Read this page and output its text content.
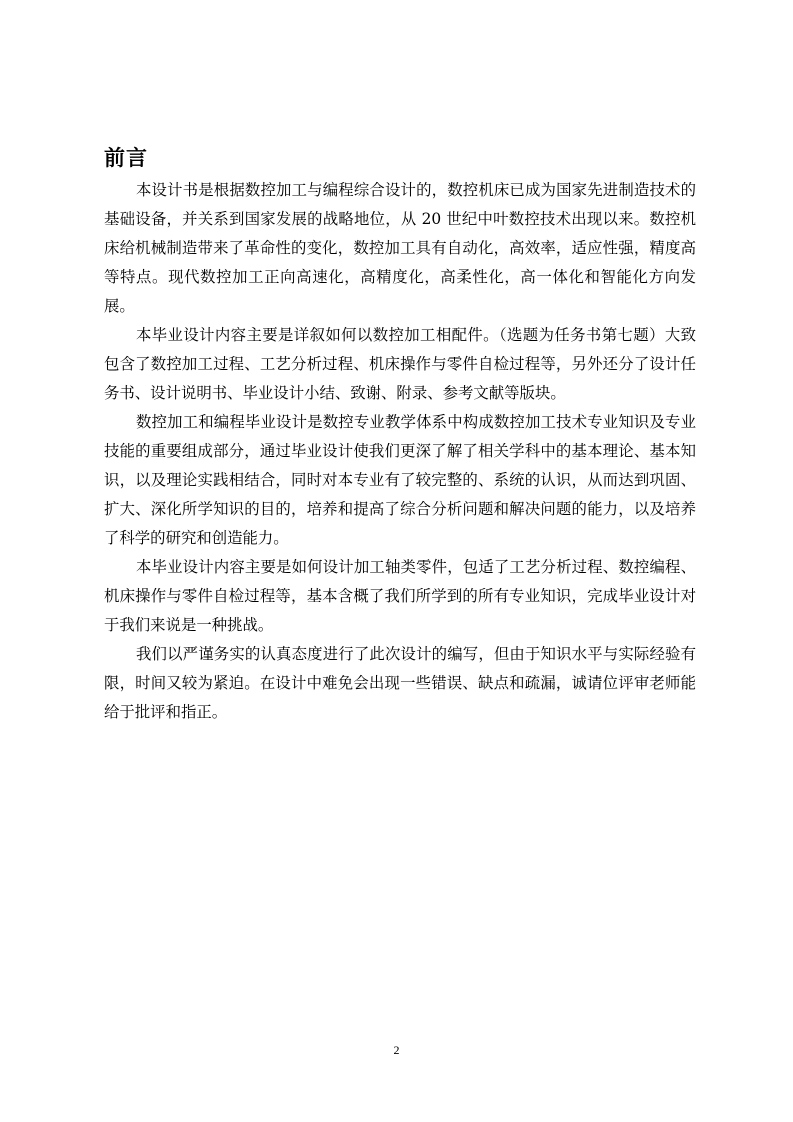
前言

本设计书是根据数控加工与编程综合设计的，数控机床已成为国家先进制造技术的基础设备，并关系到国家发展的战略地位，从 20 世纪中叶数控技术出现以来。数控机床给机械制造带来了革命性的变化，数控加工具有自动化，高效率，适应性强，精度高等特点。现代数控加工正向高速化，高精度化，高柔性化，高一体化和智能化方向发展。

本毕业设计内容主要是详叙如何以数控加工相配件。（选题为任务书第七题）大致包含了数控加工过程、工艺分析过程、机床操作与零件自检过程等，另外还分了设计任务书、设计说明书、毕业设计小结、致谢、附录、参考文献等版块。

数控加工和编程毕业设计是数控专业教学体系中构成数控加工技术专业知识及专业技能的重要组成部分，通过毕业设计使我们更深了解了相关学科中的基本理论、基本知识，以及理论实践相结合，同时对本专业有了较完整的、系统的认识，从而达到巩固、扩大、深化所学知识的目的，培养和提高了综合分析问题和解决问题的能力，以及培养了科学的研究和创造能力。

本毕业设计内容主要是如何设计加工轴类零件，包适了工艺分析过程、数控编程、机床操作与零件自检过程等，基本含概了我们所学到的所有专业知识，完成毕业设计对于我们来说是一种挑战。

我们以严谨务实的认真态度进行了此次设计的编写，但由于知识水平与实际经验有限，时间又较为紧迫。在设计中难免会出现一些错误、缺点和疏漏，诚请位评审老师能给于批评和指正。

2
